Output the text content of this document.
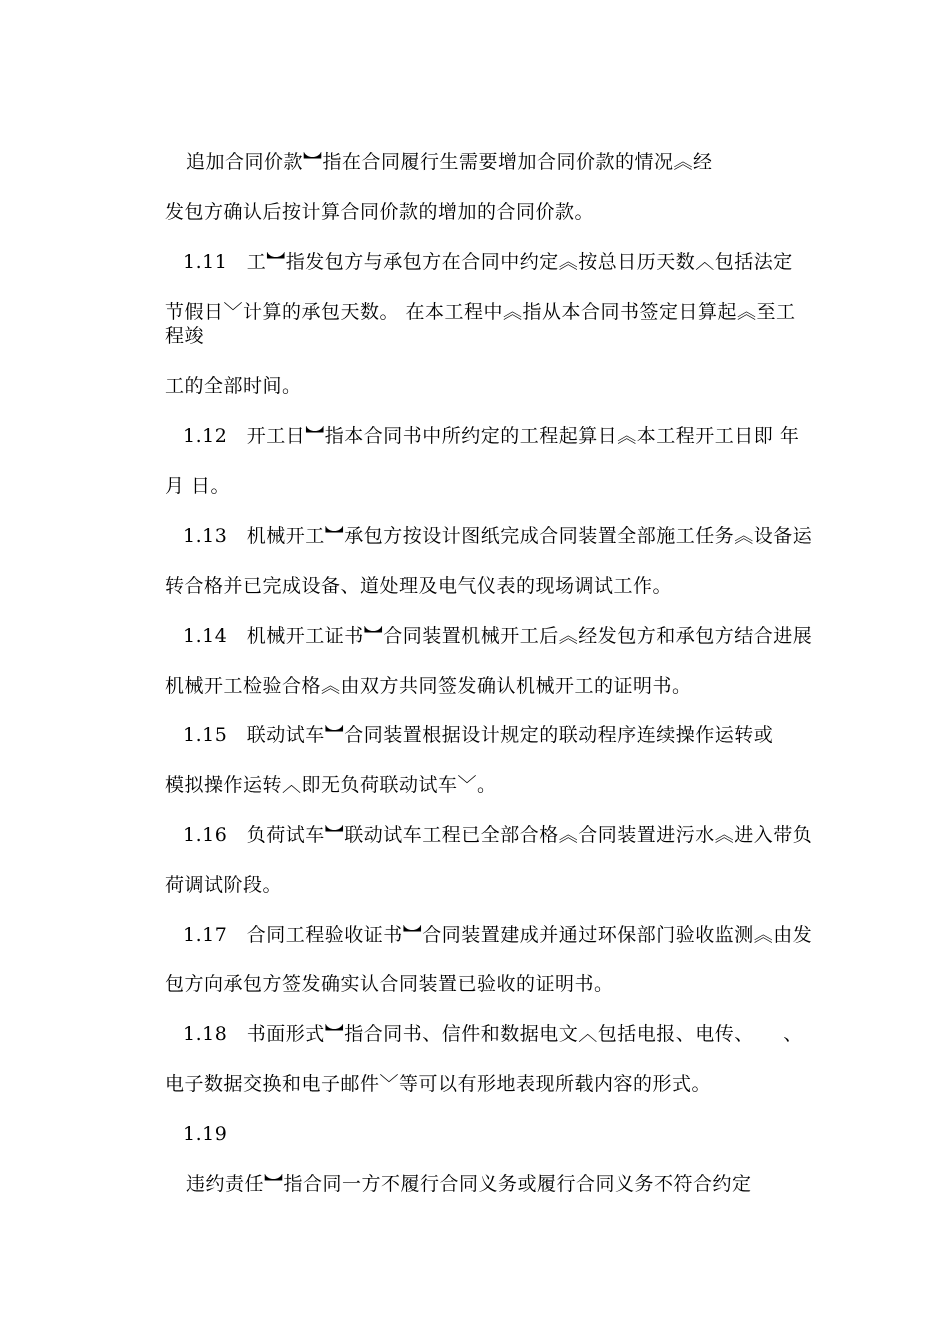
追加合同价款︼指在合同履行生需要增加合同价款的情况︽经

发包方确认后按计算合同价款的增加的合同价款。

1.11　工︼指发包方与承包方在合同中约定︽按总日历天数︿包括法定

节假日﹀计算的承包天数。 在本工程中︽指从本合同书签定日算起︽至工

程竣

工的全部时间。

1.12　开工日︼指本合同书中所约定的工程起算日︽本工程开工日即 年

月 日。

1.13　机械开工︼承包方按设计图纸完成合同装置全部施工任务︽设备运

转合格并已完成设备、道处理及电气仪表的现场调试工作。

1.14　机械开工证书︼合同装置机械开工后︽经发包方和承包方结合进展

机械开工检验合格︽由双方共同签发确认机械开工的证明书。

1.15　联动试车︼合同装置根据设计规定的联动程序连续操作运转或

模拟操作运转︿即无负荷联动试车﹀。

1.16　负荷试车︼联动试车工程已全部合格︽合同装置进污水︽进入带负

荷调试阶段。

1.17　合同工程验收证书︼合同装置建成并通过环保部门验收监测︽由发

包方向承包方签发确实认合同装置已验收的证明书。

1.18　书面形式︼指合同书、信件和数据电文︿包括电报、电传、　　、

电子数据交换和电子邮件﹀等可以有形地表现所载内容的形式。

1.19

违约责任︼指合同一方不履行合同义务或履行合同义务不符合约定
